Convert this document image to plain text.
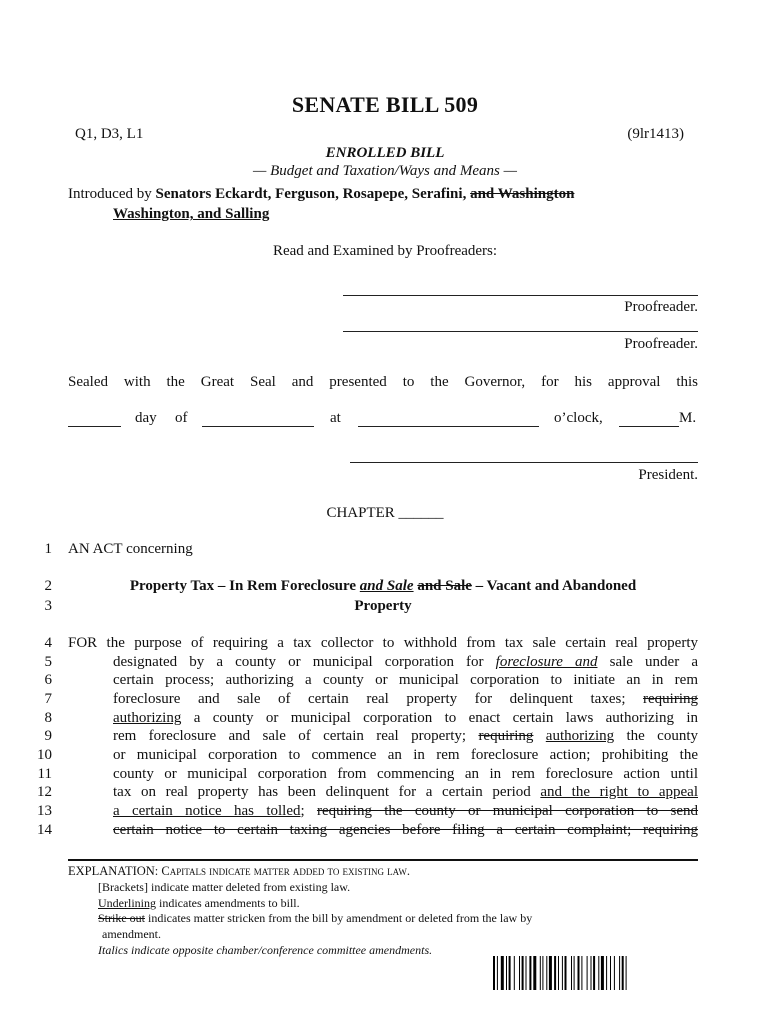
SENATE BILL 509
Q1, D3, L1	(9lr1413)
ENROLLED BILL
— Budget and Taxation/Ways and Means —
Introduced by Senators Eckardt, Ferguson, Rosapepe, Serafini, and Washington
Washington, and Salling
Read and Examined by Proofreaders:
Proofreader.
Proofreader.
Sealed with the Great Seal and presented to the Governor, for his approval this
day of	at	o’clock,	M.
President.
CHAPTER ______
1 AN ACT concerning
2	Property Tax – In Rem Foreclosure and Sale and Sale – Vacant and Abandoned
3	Property
4 FOR the purpose of requiring a tax collector to withhold from tax sale certain real property
5	designated by a county or municipal corporation for foreclosure and sale under a
6	certain process; authorizing a county or municipal corporation to initiate an in rem
7	foreclosure and sale of certain real property for delinquent taxes; requiring
8	authorizing a county or municipal corporation to enact certain laws authorizing in
9	rem foreclosure and sale of certain real property; requiring authorizing the county
10	or municipal corporation to commence an in rem foreclosure action; prohibiting the
11	county or municipal corporation from commencing an in rem foreclosure action until
12	tax on real property has been delinquent for a certain period and the right to appeal
13	a certain notice has tolled; requiring the county or municipal corporation to send
14	certain notice to certain taxing agencies before filing a certain complaint; requiring
EXPLANATION: Capitals indicate matter added to existing law.
[Brackets] indicate matter deleted from existing law.
Underlining indicates amendments to bill.
Strike out indicates matter stricken from the bill by amendment or deleted from the law by
amendment.
Italics indicate opposite chamber/conference committee amendments.
